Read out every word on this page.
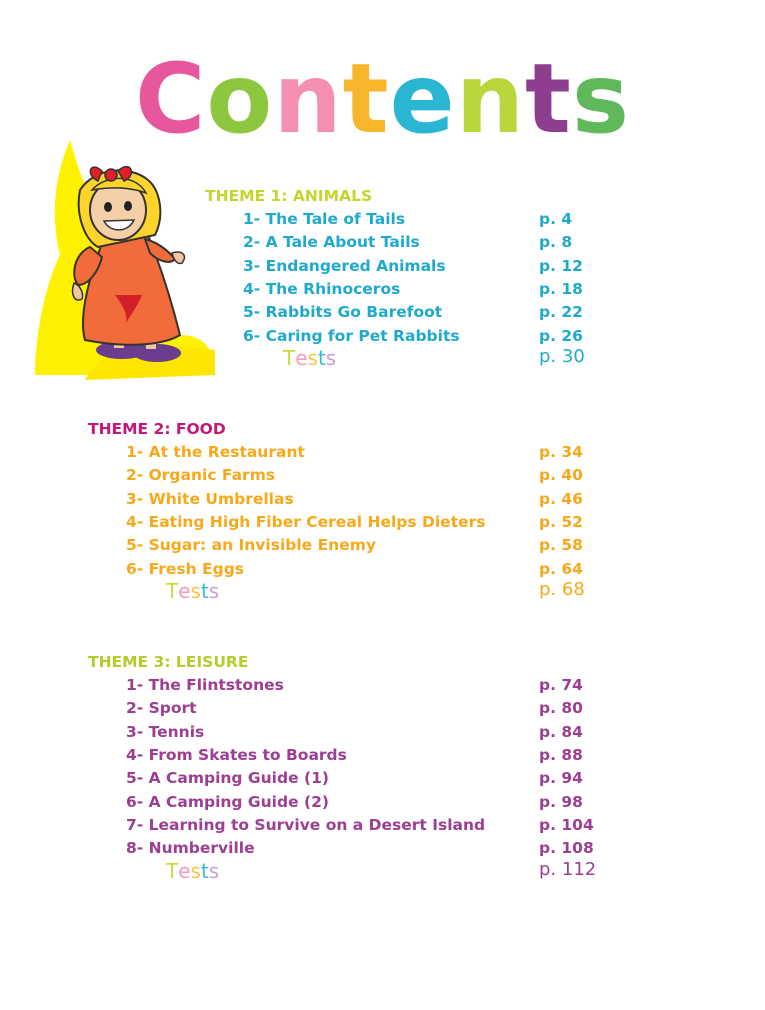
Contents
THEME 1: ANIMALS
1- The Tale of Tails	p. 4
2- A Tale About Tails	p. 8
3- Endangered Animals	p. 12
4- The Rhinoceros	p. 18
5- Rabbits Go Barefoot	p. 22
6- Caring for Pet Rabbits	p. 26
Tests	p. 30
THEME 2: FOOD
1- At the Restaurant	p. 34
2- Organic Farms	p. 40
3- White Umbrellas	p. 46
4- Eating High Fiber Cereal Helps Dieters	p. 52
5- Sugar: an Invisible Enemy	p. 58
6- Fresh Eggs	p. 64
Tests	p. 68
THEME 3: LEISURE
1- The Flintstones	p. 74
2- Sport	p. 80
3- Tennis	p. 84
4- From Skates to Boards	p. 88
5- A Camping Guide (1)	p. 94
6- A Camping Guide (2)	p. 98
7- Learning to Survive on a Desert Island	p. 104
8- Numberville	p. 108
Tests	p. 112
